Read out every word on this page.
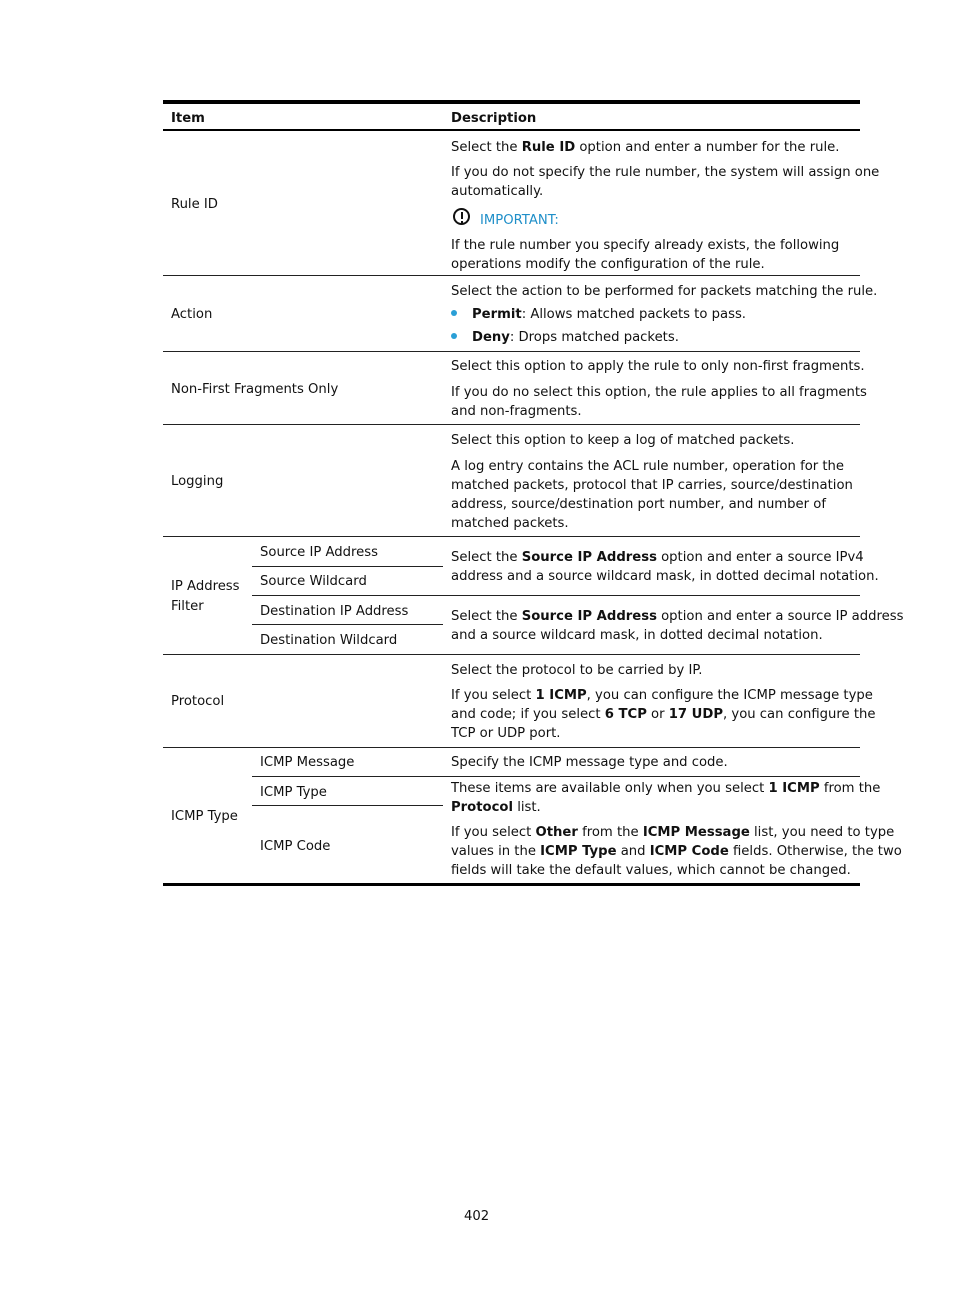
Item	Description
Rule ID
Select the Rule ID option and enter a number for the rule.
If you do not specify the rule number, the system will assign one
automatically.
IMPORTANT:
If the rule number you specify already exists, the following
operations modify the configuration of the rule.
Action
Select the action to be performed for packets matching the rule.
Permit: Allows matched packets to pass.
Deny: Drops matched packets.
Non-First Fragments Only
Select this option to apply the rule to only non-first fragments.
If you do no select this option, the rule applies to all fragments
and non-fragments.
Logging
Select this option to keep a log of matched packets.
A log entry contains the ACL rule number, operation for the
matched packets, protocol that IP carries, source/destination
address, source/destination port number, and number of
matched packets.
IP Address
Filter
Source IP Address
Source Wildcard
Destination IP Address
Destination Wildcard
Select the Source IP Address option and enter a source IPv4
address and a source wildcard mask, in dotted decimal notation.
Select the Source IP Address option and enter a source IP address
and a source wildcard mask, in dotted decimal notation.
Protocol
Select the protocol to be carried by IP.
If you select 1 ICMP, you can configure the ICMP message type
and code; if you select 6 TCP or 17 UDP, you can configure the
TCP or UDP port.
ICMP Type
ICMP Message
ICMP Type
ICMP Code
Specify the ICMP message type and code.
These items are available only when you select 1 ICMP from the
Protocol list.
If you select Other from the ICMP Message list, you need to type
values in the ICMP Type and ICMP Code fields. Otherwise, the two
fields will take the default values, which cannot be changed.
402
